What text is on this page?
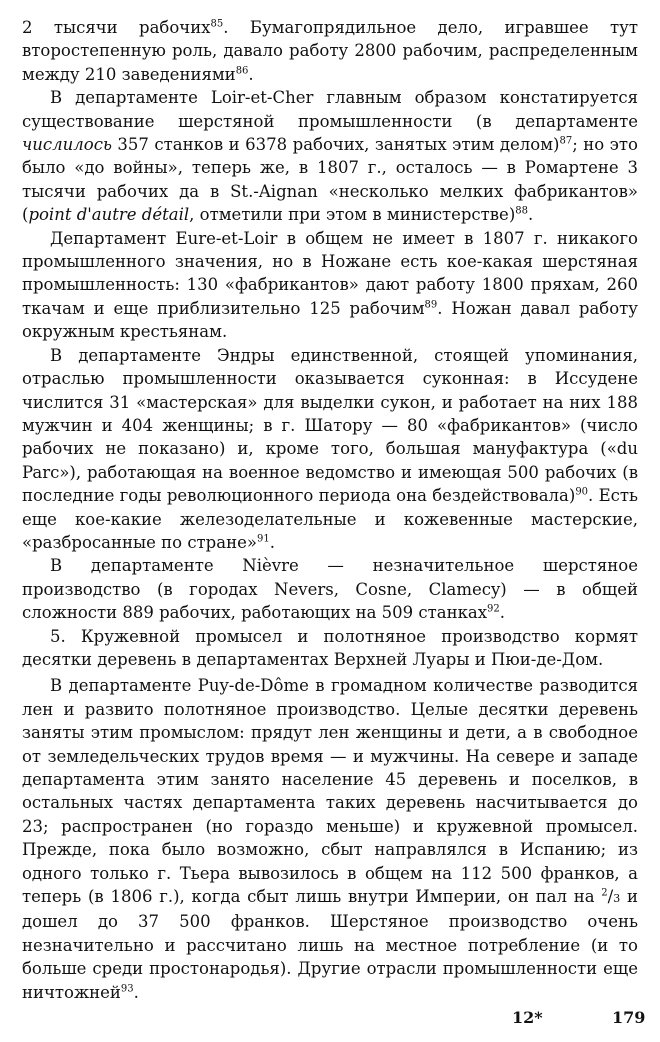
2 тысячи рабочих$^{85}$. Бумагопрядильное дело, игравшее тут второстепенную роль, давало работу 2800 рабочим, распределенным между 210 заведениями$^{86}$.

В департаменте Loir-et-Cher главным образом констатируется существование шерстяной промышленности (в департаменте числилось 357 станков и 6378 рабочих, занятых этим делом)$^{87}$; но это было «до войны», теперь же, в 1807 г., осталось — в Ромартене 3 тысячи рабочих да в St.-Aignan «несколько мелких фабрикантов» (point d'autre détail, отметили при этом в министерстве)$^{88}$.

Департамент Eure-et-Loir в общем не имеет в 1807 г. никакого промышленного значения, но в Ножане есть кое-какая шерстяная промышленность: 130 «фабрикантов» дают работу 1800 пряхам, 260 ткачам и еще приблизительно 125 рабочим$^{89}$. Ножан давал работу окружным крестьянам.

В департаменте Эндры единственной, стоящей упоминания, отраслью промышленности оказывается суконная: в Иссудене числится 31 «мастерская» для выделки сукон, и работает на них 188 мужчин и 404 женщины; в г. Шатору — 80 «фабрикантов» (число рабочих не показано) и, кроме того, большая мануфактура («du Parc»), работающая на военное ведомство и имеющая 500 рабочих (в последние годы революционного периода она бездействовала)$^{90}$. Есть еще кое-какие железоделательные и кожевенные мастерские, «разбросанные по стране»$^{91}$.

В департаменте Nièvre — незначительное шерстяное производство (в городах Nevers, Cosne, Clamecy) — в общей сложности 889 рабочих, работающих на 509 станках$^{92}$.

5. Кружевной промысел и полотняное производство кормят десятки деревень в департаментах Верхней Луары и Пюи-де-Дом.

В департаменте Puy-de-Dôme в громадном количестве разводится лен и развито полотняное производство. Целые десятки деревень заняты этим промыслом: прядут лен женщины и дети, а в свободное от земледельческих трудов время — и мужчины. На севере и западе департамента этим занято население 45 деревень и поселков, в остальных частях департамента таких деревень насчитывается до 23; распространен (но гораздо меньше) и кружевной промысел. Прежде, пока было возможно, сбыт направлялся в Испанию; из одного только г. Тьера вывозилось в общем на 112 500 франков, а теперь (в 1806 г.), когда сбыт лишь внутри Империи, он пал на $^2$/3 и дошел до 37 500 франков. Шерстяное производство очень незначительно и рассчитано лишь на местное потребление (и то больше среди простонародья). Другие отрасли промышленности еще ничтожней$^{93}$.

12*	179
